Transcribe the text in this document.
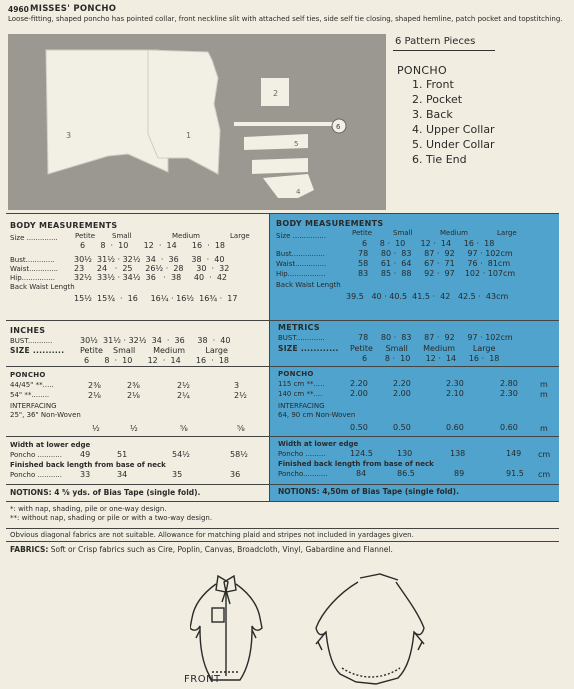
4960 MISSES' PONCHO
Loose-fitting, shaped poncho has pointed collar, front neckline slit with attached self ties, side self tie closing, shaped hemline, patch pocket and topstitching.
3	1
2
6
5
4
6 Pattern Pieces
PONCHO
1. Front
2. Pocket
3. Back
4. Upper Collar
5. Under Collar
6. Tie End
BODY MEASUREMENTS
Size .............. Petite Small	Medium	Large
6      8  ·  10      12  ·  14      16  ·  18
Bust............. 30½  31½ · 32½  34  ·  36     38  ·  40
Waist............. 23     24   ·  25     26½ ·  28     30  ·  32
Hip............... 32½  33½ · 34½  36   ·  38     40  ·  42
Back Waist Length
15½  15¾  ·  16     16¼ · 16½  16¾ ·  17
INCHES
BUST...........	30½  31½ · 32½  34  ·  36     38  ·  40
SIZE .......... Petite    Small       Medium        Large
6      8  ·  10      12  ·  14      16  ·  18
PONCHO
44/45" **.....	2⅜	2⅜	2½	3
54" **........	2⅛	2⅛	2¼	2½
INTERFACING
25", 36" Non-Woven
½	½	⅝	⅝
Width at lower edge
Poncho ........... 49	51	54½	58½
Finished back length from base of neck
Poncho ........... 33	34	35	36
NOTIONS: 4 ⅝ yds. of Bias Tape (single fold).
BODY MEASUREMENTS
Size ...............	Petite	Small	Medium	Large
6     8 ·  10      12 ·  14     16 ·  18
Bust...............	78     80 ·  83     87 ·  92     97 · 102cm
Waist..............	58     61 ·  64     67 ·  71     76 ·  81cm
Hip.................	83     85 ·  88     92 ·  97    102 · 107cm
Back Waist Length
39.5   40 · 40.5  41.5 ·  42   42.5 ·  43cm
METRICS
BUST.............	78     80 ·  83     87 ·  92     97 · 102cm
SIZE ............ Petite     Small      Medium       Large
6       8 ·  10      12 ·  14     16 ·  18
PONCHO
115 cm **.....	2.20	2.20	2.30	2.80	m
140 cm **....	2.00	2.00	2.10	2.30	m
INTERFACING
64, 90 cm Non-Woven
0.50	0.50	0.60	0.60	m
Width at lower edge
Poncho .........	124.5	130	138	149 cm
Finished back length from base of neck
Poncho...........	84	86.5	89	91.5 cm
NOTIONS: 4,50m of Bias Tape (single fold).
*: with nap, shading, pile or one-way design.
**: without nap, shading or pile or with a two-way design.
Obvious diagonal fabrics are not suitable. Allowance for matching plaid and stripes not included in yardages given.
FABRICS: Soft or Crisp fabrics such as Cire, Poplin, Canvas, Broadcloth, Vinyl, Gabardine and Flannel.
FRONT
